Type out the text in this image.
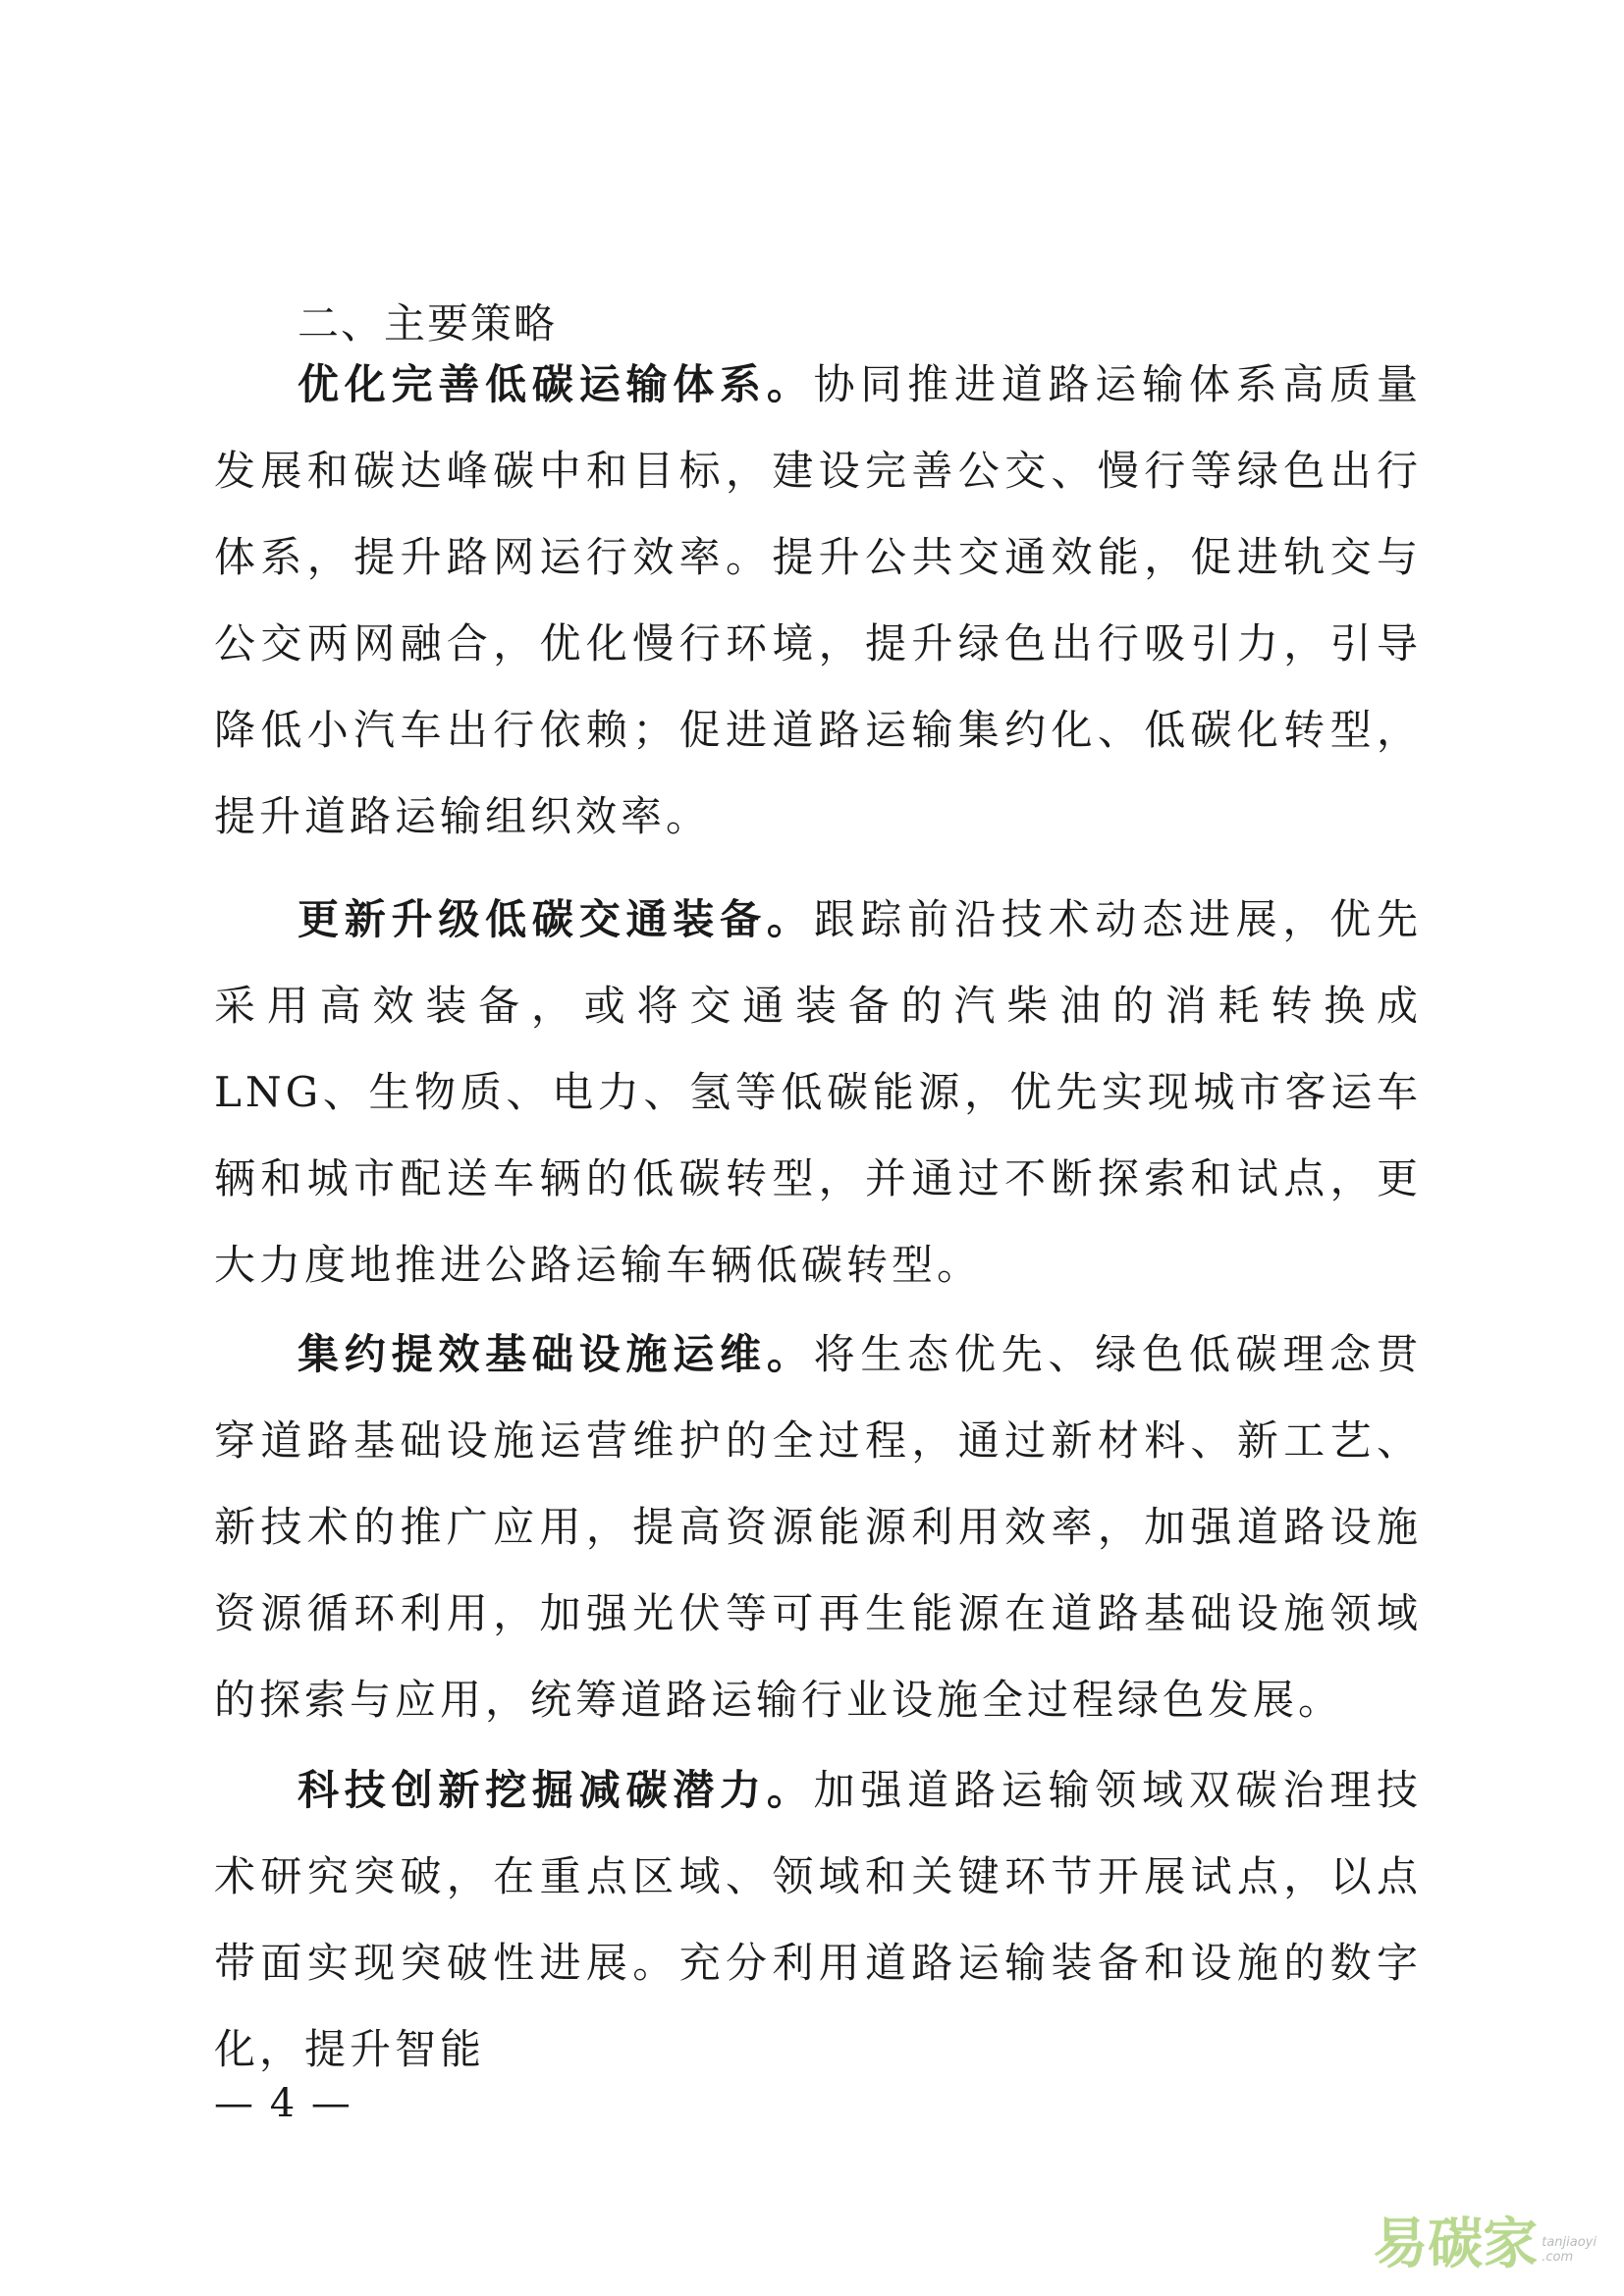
二、主要策略

优化完善低碳运输体系。协同推进道路运输体系高质量发展和碳达峰碳中和目标，建设完善公交、慢行等绿色出行体系，提升路网运行效率。提升公共交通效能，促进轨交与公交两网融合，优化慢行环境，提升绿色出行吸引力，引导降低小汽车出行依赖；促进道路运输集约化、低碳化转型，提升道路运输组织效率。

更新升级低碳交通装备。跟踪前沿技术动态进展，优先采用高效装备，或将交通装备的汽柴油的消耗转换成 LNG、生物质、电力、氢等低碳能源，优先实现城市客运车辆和城市配送车辆的低碳转型，并通过不断探索和试点，更大力度地推进公路运输车辆低碳转型。

集约提效基础设施运维。将生态优先、绿色低碳理念贯穿道路基础设施运营维护的全过程，通过新材料、新工艺、新技术的推广应用，提高资源能源利用效率，加强道路设施资源循环利用，加强光伏等可再生能源在道路基础设施领域的探索与应用，统筹道路运输行业设施全过程绿色发展。

科技创新挖掘减碳潜力。加强道路运输领域双碳治理技术研究突破，在重点区域、领域和关键环节开展试点，以点带面实现突破性进展。充分利用道路运输装备和设施的数字化，提升智能

— 4 —
易碳家 tanjiaoyi
.com
